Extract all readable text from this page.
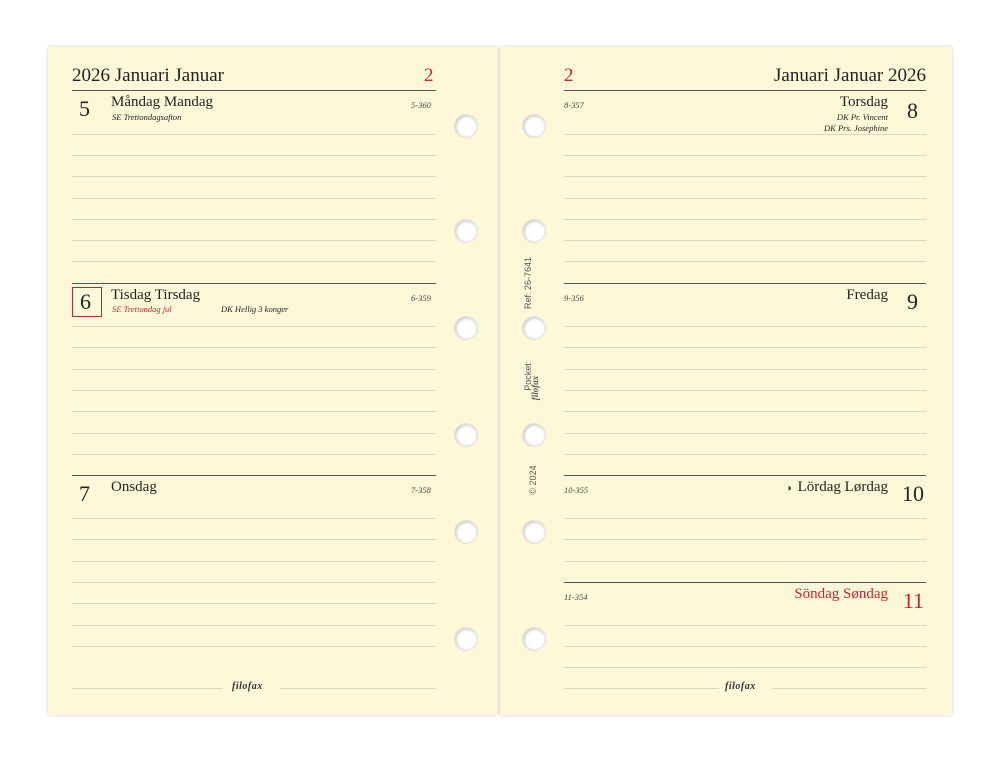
2026 Januari Januar	2
5 Måndag Mandag
SE Trettondagsafton
5-360
6 Tisdag Tirsdag
SE Trettondag jul	DK Hellig 3 konger
6-359
7 Onsdag	7-358
filofax
2	Januari Januar 2026
8-357	Torsdag
DK Pr. Vincent
DK Prs. Josephine
8
9-356	Fredag 9
10-355	◑ Lördag Lørdag 10
11-354	Söndag Søndag 11
filofax
Ref: 26-7641
Pocket
filofax
© 2024
